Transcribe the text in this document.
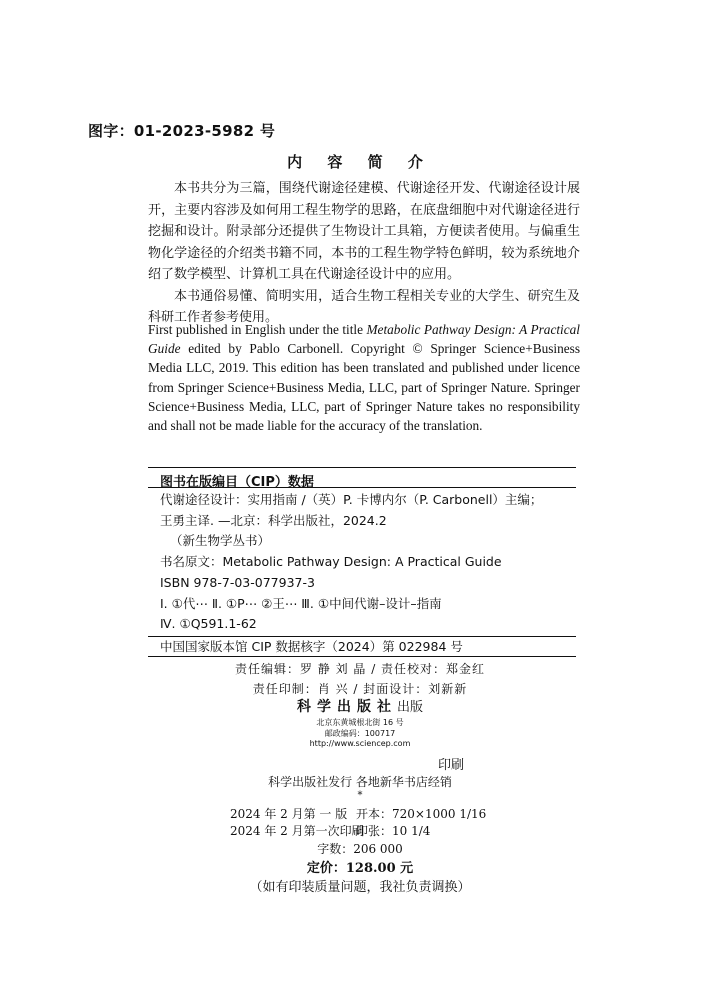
图字：01-2023-5982 号
内 容 简 介

本书共分为三篇，围绕代谢途径建模、代谢途径开发、代谢途径设计展开，主要内容涉及如何用工程生物学的思路，在底盘细胞中对代谢途径进行挖掘和设计。附录部分还提供了生物设计工具箱，方便读者使用。与偏重生物化学途径的介绍类书籍不同，本书的工程生物学特色鲜明，较为系统地介绍了数学模型、计算机工具在代谢途径设计中的应用。

本书通俗易懂、简明实用，适合生物工程相关专业的大学生、研究生及科研工作者参考使用。

First published in English under the title Metabolic Pathway Design: A Practical Guide edited by Pablo Carbonell. Copyright © Springer Science+Business Media LLC, 2019. This edition has been translated and published under licence from Springer Science+Business Media, LLC, part of Springer Nature. Springer Science+Business Media, LLC, part of Springer Nature takes no responsibility and shall not be made liable for the accuracy of the translation.

图书在版编目（CIP）数据
代谢途径设计：实用指南 /（英）P. 卡博内尔（P. Carbonell）主编；
王勇主译. —北京：科学出版社，2024.2
（新生物学丛书）
书名原文：Metabolic Pathway Design: A Practical Guide
ISBN 978-7-03-077937-3
Ⅰ. ①代⋯ Ⅱ. ①P⋯ ②王⋯ Ⅲ. ①中间代谢–设计–指南
Ⅳ. ①Q591.1-62
中国国家版本馆 CIP 数据核字（2024）第 022984 号
责任编辑：罗 静 刘 晶 / 责任校对：郑金红
责任印制：肖 兴 / 封面设计：刘新新
科学出版社出版
北京东黄城根北街 16 号
邮政编码：100717
http://www.sciencep.com
印刷
科学出版社发行 各地新华书店经销
*
2024 年 2 月第 一 版 开本：720×1000 1/16
2024 年 2 月第一次印刷印张：10 1/4
字数：206 000
定价：128.00 元
（如有印装质量问题，我社负责调换）
